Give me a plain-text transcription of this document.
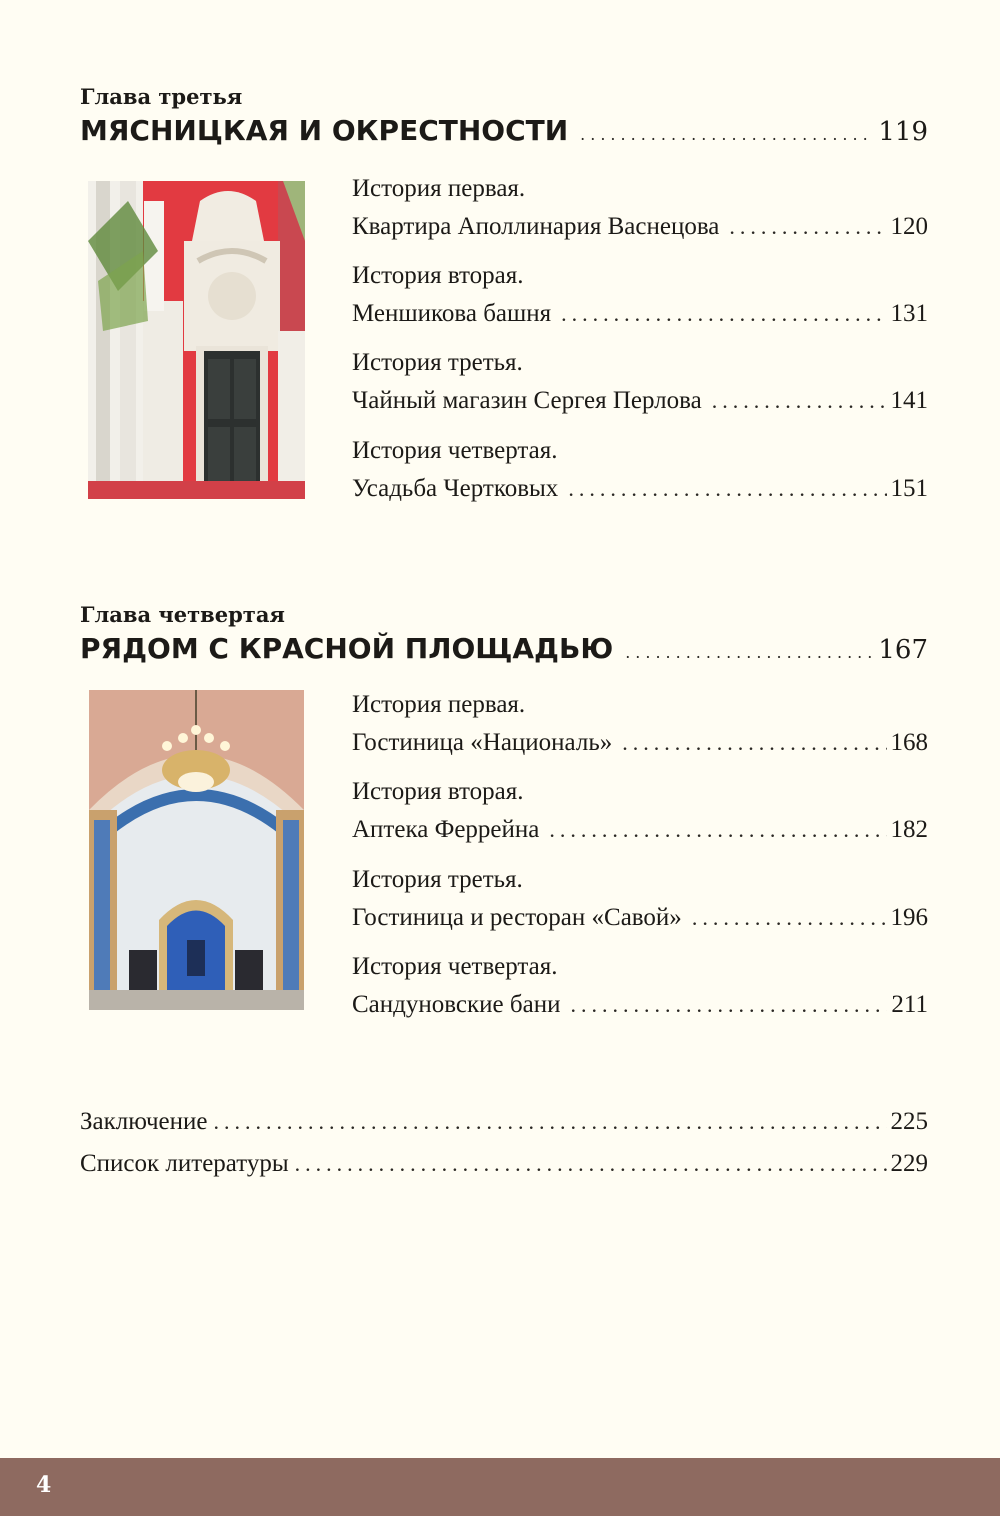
Глава третья
МЯСНИЦКАЯ И ОКРЕСТНОСТИ .....	119
История первая.
Квартира Аполлинария Васнецова .....	120
История вторая.
Меншикова башня .....	131
История третья.
Чайный магазин Сергея Перлова .....	141
История четвертая.
Усадьба Чертковых .....	151
Глава четвертая
РЯДОМ С КРАСНОЙ ПЛОЩАДЬЮ .....	167
История первая.
Гостиница «Националь» .....	168
История вторая.
Аптека Феррейна .....	182
История третья.
Гостиница и ресторан «Савой» .....	196
История четвертая.
Сандуновские бани .....	211
Заключение .....	225
Список литературы .....	229
4
